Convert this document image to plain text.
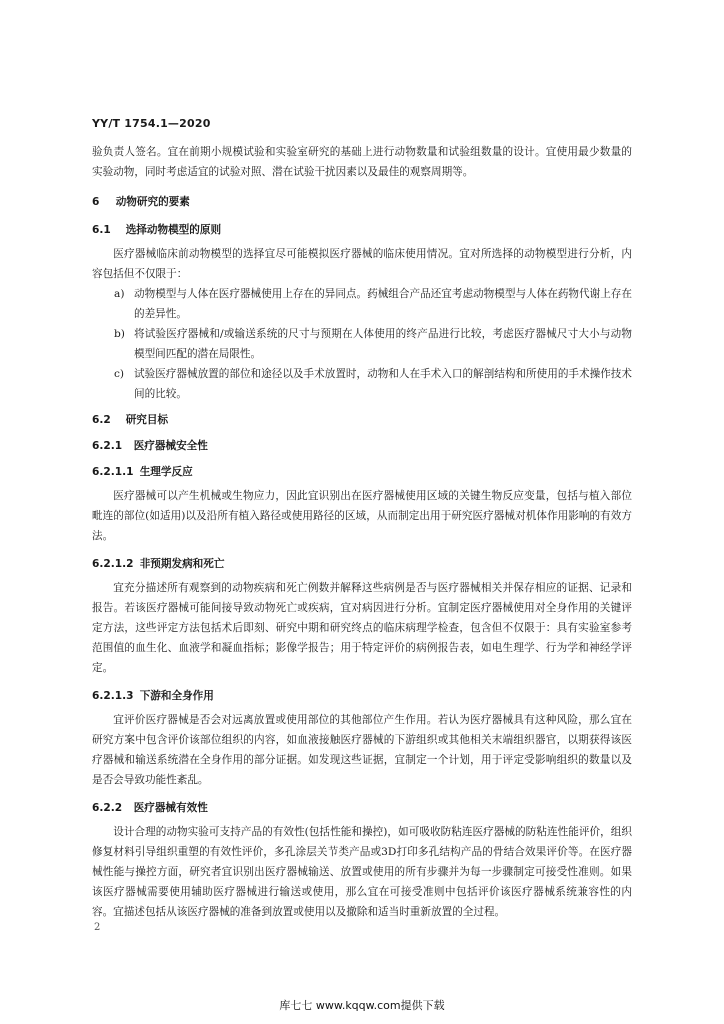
YY/T 1754.1—2020

验负责人签名。宜在前期小规模试验和实验室研究的基础上进行动物数量和试验组数量的设计。宜使用最少数量的实验动物，同时考虑适宜的试验对照、潜在试验干扰因素以及最佳的观察周期等。

6 动物研究的要素

6.1 选择动物模型的原则

医疗器械临床前动物模型的选择宜尽可能模拟医疗器械的临床使用情况。宜对所选择的动物模型进行分析，内容包括但不仅限于：

a) 动物模型与人体在医疗器械使用上存在的异同点。药械组合产品还宜考虑动物模型与人体在药物代谢上存在的差异性。
b) 将试验医疗器械和/或输送系统的尺寸与预期在人体使用的终产品进行比较，考虑医疗器械尺寸大小与动物模型间匹配的潜在局限性。
c) 试验医疗器械放置的部位和途径以及手术放置时，动物和人在手术入口的解剖结构和所使用的手术操作技术间的比较。

6.2 研究目标

6.2.1 医疗器械安全性

6.2.1.1 生理学反应

医疗器械可以产生机械或生物应力，因此宜识别出在医疗器械使用区域的关键生物反应变量，包括与植入部位毗连的部位(如适用)以及沿所有植入路径或使用路径的区域，从而制定出用于研究医疗器械对机体作用影响的有效方法。

6.2.1.2 非预期发病和死亡

宜充分描述所有观察到的动物疾病和死亡例数并解释这些病例是否与医疗器械相关并保存相应的证据、记录和报告。若该医疗器械可能间接导致动物死亡或疾病，宜对病因进行分析。宜制定医疗器械使用对全身作用的关键评定方法，这些评定方法包括术后即刻、研究中期和研究终点的临床病理学检查，包含但不仅限于：具有实验室参考范围值的血生化、血液学和凝血指标；影像学报告；用于特定评价的病例报告表，如电生理学、行为学和神经学评定。

6.2.1.3 下游和全身作用

宜评价医疗器械是否会对远离放置或使用部位的其他部位产生作用。若认为医疗器械具有这种风险，那么宜在研究方案中包含评价该部位组织的内容，如血液接触医疗器械的下游组织或其他相关末端组织器官，以期获得该医疗器械和输送系统潜在全身作用的部分证据。如发现这些证据，宜制定一个计划，用于评定受影响组织的数量以及是否会导致功能性紊乱。

6.2.2 医疗器械有效性

设计合理的动物实验可支持产品的有效性(包括性能和操控)，如可吸收防粘连医疗器械的防粘连性能评价，组织修复材料引导组织重塑的有效性评价，多孔涂层关节类产品或3D打印多孔结构产品的骨结合效果评价等。在医疗器械性能与操控方面，研究者宜识别出医疗器械输送、放置或使用的所有步骤并为每一步骤制定可接受性准则。如果该医疗器械需要使用辅助医疗器械进行输送或使用，那么宜在可接受准则中包括评价该医疗器械系统兼容性的内容。宜描述包括从该医疗器械的准备到放置或使用以及撤除和适当时重新放置的全过程。

2
库七七 www.kqqw.com提供下载
